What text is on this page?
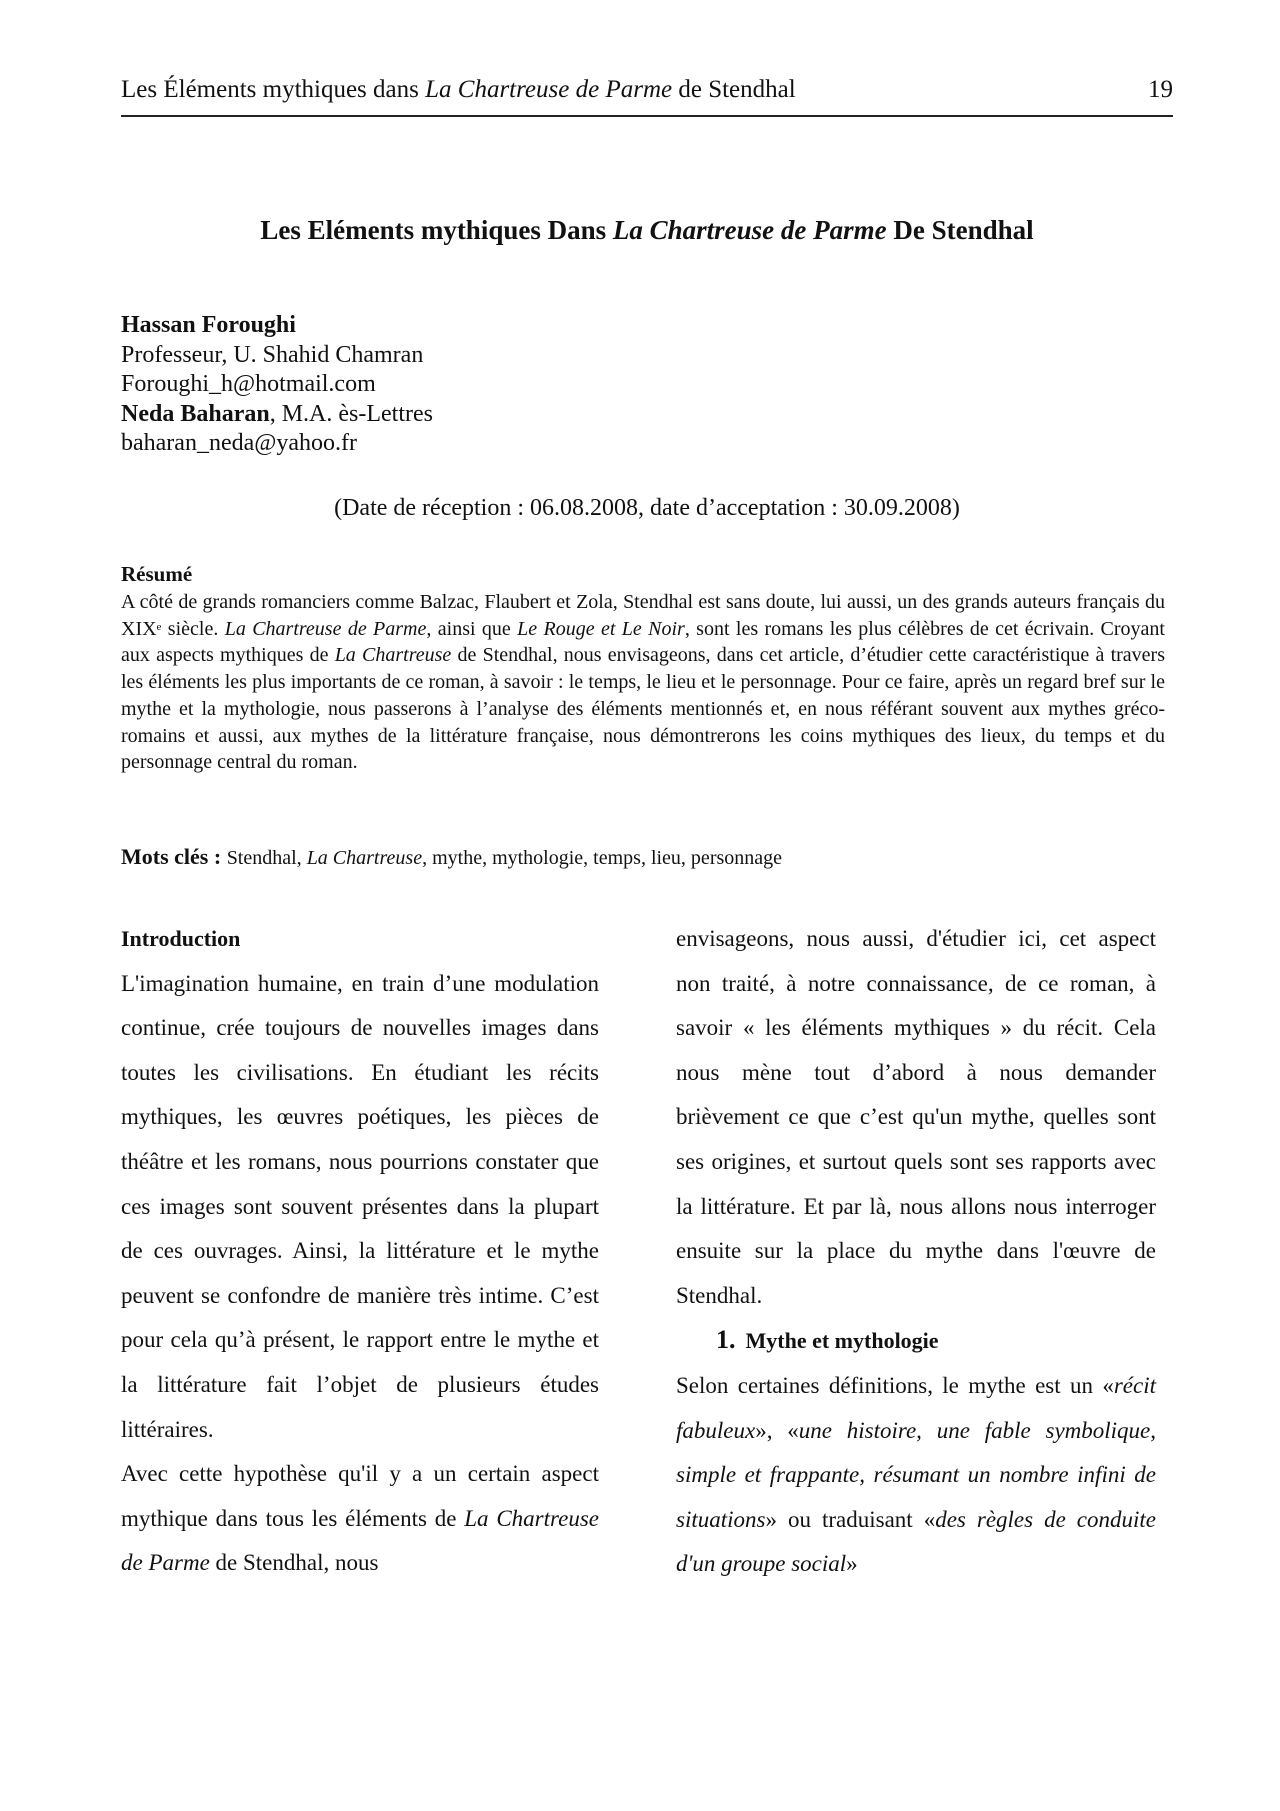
Les Éléments mythiques dans La Chartreuse de Parme de Stendhal	19
Les Eléments mythiques Dans La Chartreuse de Parme De Stendhal
Hassan Foroughi
Professeur, U. Shahid Chamran
Foroughi_h@hotmail.com
Neda Baharan, M.A. ès-Lettres
baharan_neda@yahoo.fr
(Date de réception : 06.08.2008, date d’acceptation : 30.09.2008)
Résumé
A côté de grands romanciers comme Balzac, Flaubert et Zola, Stendhal est sans doute, lui aussi, un des grands auteurs français du XIXe siècle. La Chartreuse de Parme, ainsi que Le Rouge et Le Noir, sont les romans les plus célèbres de cet écrivain. Croyant aux aspects mythiques de La Chartreuse de Stendhal, nous envisageons, dans cet article, d’étudier cette caractéristique à travers les éléments les plus importants de ce roman, à savoir : le temps, le lieu et le personnage. Pour ce faire, après un regard bref sur le mythe et la mythologie, nous passerons à l’analyse des éléments mentionnés et, en nous référant souvent aux mythes gréco-romains et aussi, aux mythes de la littérature française, nous démontrerons les coins mythiques des lieux, du temps et du personnage central du roman.
Mots clés : Stendhal, La Chartreuse, mythe, mythologie, temps, lieu, personnage

Introduction

L'imagination humaine, en train d’une modulation continue, crée toujours de nouvelles images dans toutes les civilisations. En étudiant les récits mythiques, les œuvres poétiques, les pièces de théâtre et les romans, nous pourrions constater que ces images sont souvent présentes dans la plupart de ces ouvrages. Ainsi, la littérature et le mythe peuvent se confondre de manière très intime. C’est pour cela qu’à présent, le rapport entre le mythe et la littérature fait l’objet de plusieurs études littéraires.

Avec cette hypothèse qu'il y a un certain aspect mythique dans tous les éléments de La Chartreuse de Parme de Stendhal, nous

envisageons, nous aussi, d'étudier ici, cet aspect non traité, à notre connaissance, de ce roman, à savoir « les éléments mythiques » du récit. Cela nous mène tout d’abord à nous demander brièvement ce que c’est qu'un mythe, quelles sont ses origines, et surtout quels sont ses rapports avec la littérature. Et par là, nous allons nous interroger ensuite sur la place du mythe dans l'œuvre de Stendhal.

1. Mythe et mythologie

Selon certaines définitions, le mythe est un «récit fabuleux», «une histoire, une fable symbolique, simple et frappante, résumant un nombre infini de situations» ou traduisant «des règles de conduite d'un groupe social»
